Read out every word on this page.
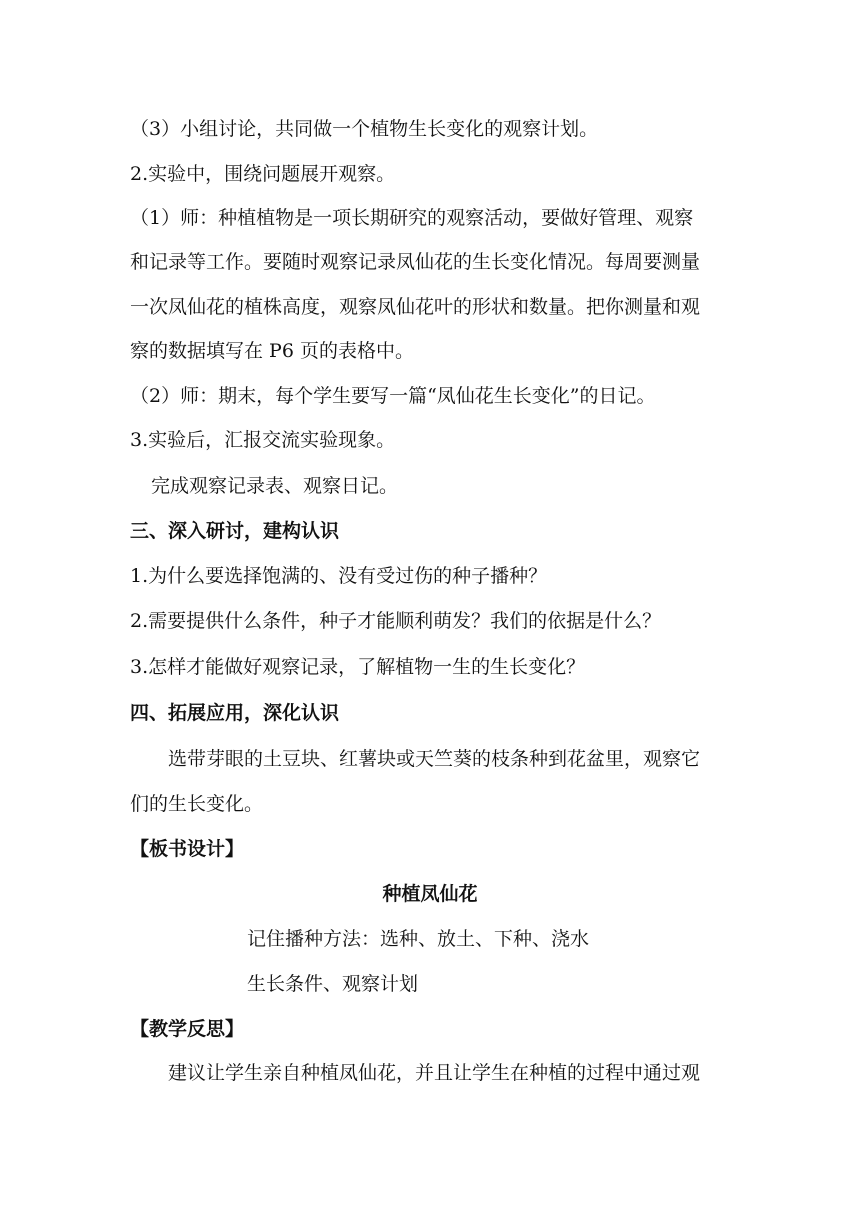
（3）小组讨论，共同做一个植物生长变化的观察计划。
2.实验中，围绕问题展开观察。
（1）师：种植植物是一项长期研究的观察活动，要做好管理、观察
和记录等工作。要随时观察记录凤仙花的生长变化情况。每周要测量
一次凤仙花的植株高度，观察凤仙花叶的形状和数量。把你测量和观
察的数据填写在 P6 页的表格中。
（2）师：期末，每个学生要写一篇“凤仙花生长变化”的日记。
3.实验后，汇报交流实验现象。
完成观察记录表、观察日记。
三、深入研讨，建构认识
1.为什么要选择饱满的、没有受过伤的种子播种？
2.需要提供什么条件，种子才能顺利萌发？我们的依据是什么？
3.怎样才能做好观察记录，了解植物一生的生长变化？
四、拓展应用，深化认识
选带芽眼的土豆块、红薯块或天竺葵的枝条种到花盆里，观察它
们的生长变化。
【板书设计】
种植凤仙花
记住播种方法：选种、放土、下种、浇水
生长条件、观察计划
【教学反思】
建议让学生亲自种植凤仙花，并且让学生在种植的过程中通过观
